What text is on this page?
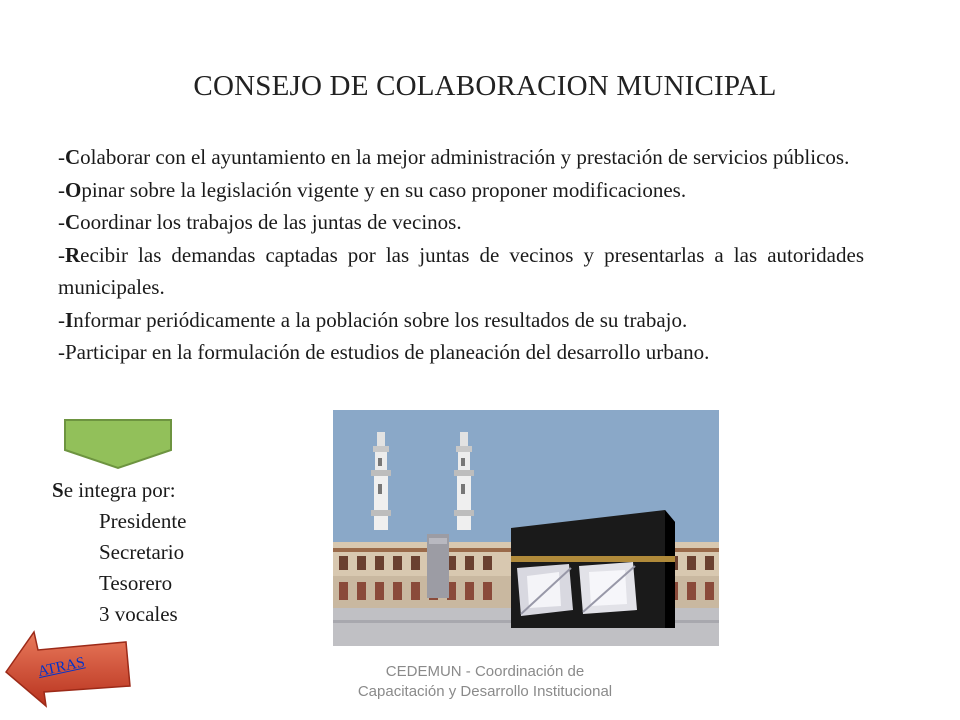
CONSEJO DE COLABORACION MUNICIPAL

-Colaborar con el ayuntamiento en la mejor administración y prestación de servicios públicos.

-Opinar sobre la legislación vigente y en su caso proponer modificaciones.

-Coordinar los trabajos de las juntas de vecinos.

-Recibir las demandas captadas por las juntas de vecinos y presentarlas a las autoridades municipales.

-Informar periódicamente a la población sobre los resultados de su trabajo.

-Participar en la formulación de estudios de planeación del desarrollo urbano.

Se integra por:
Presidente
Secretario
Tesorero
3 vocales
ATRAS	CEDEMUN - Coordinación de
Capacitación y Desarrollo Institucional
